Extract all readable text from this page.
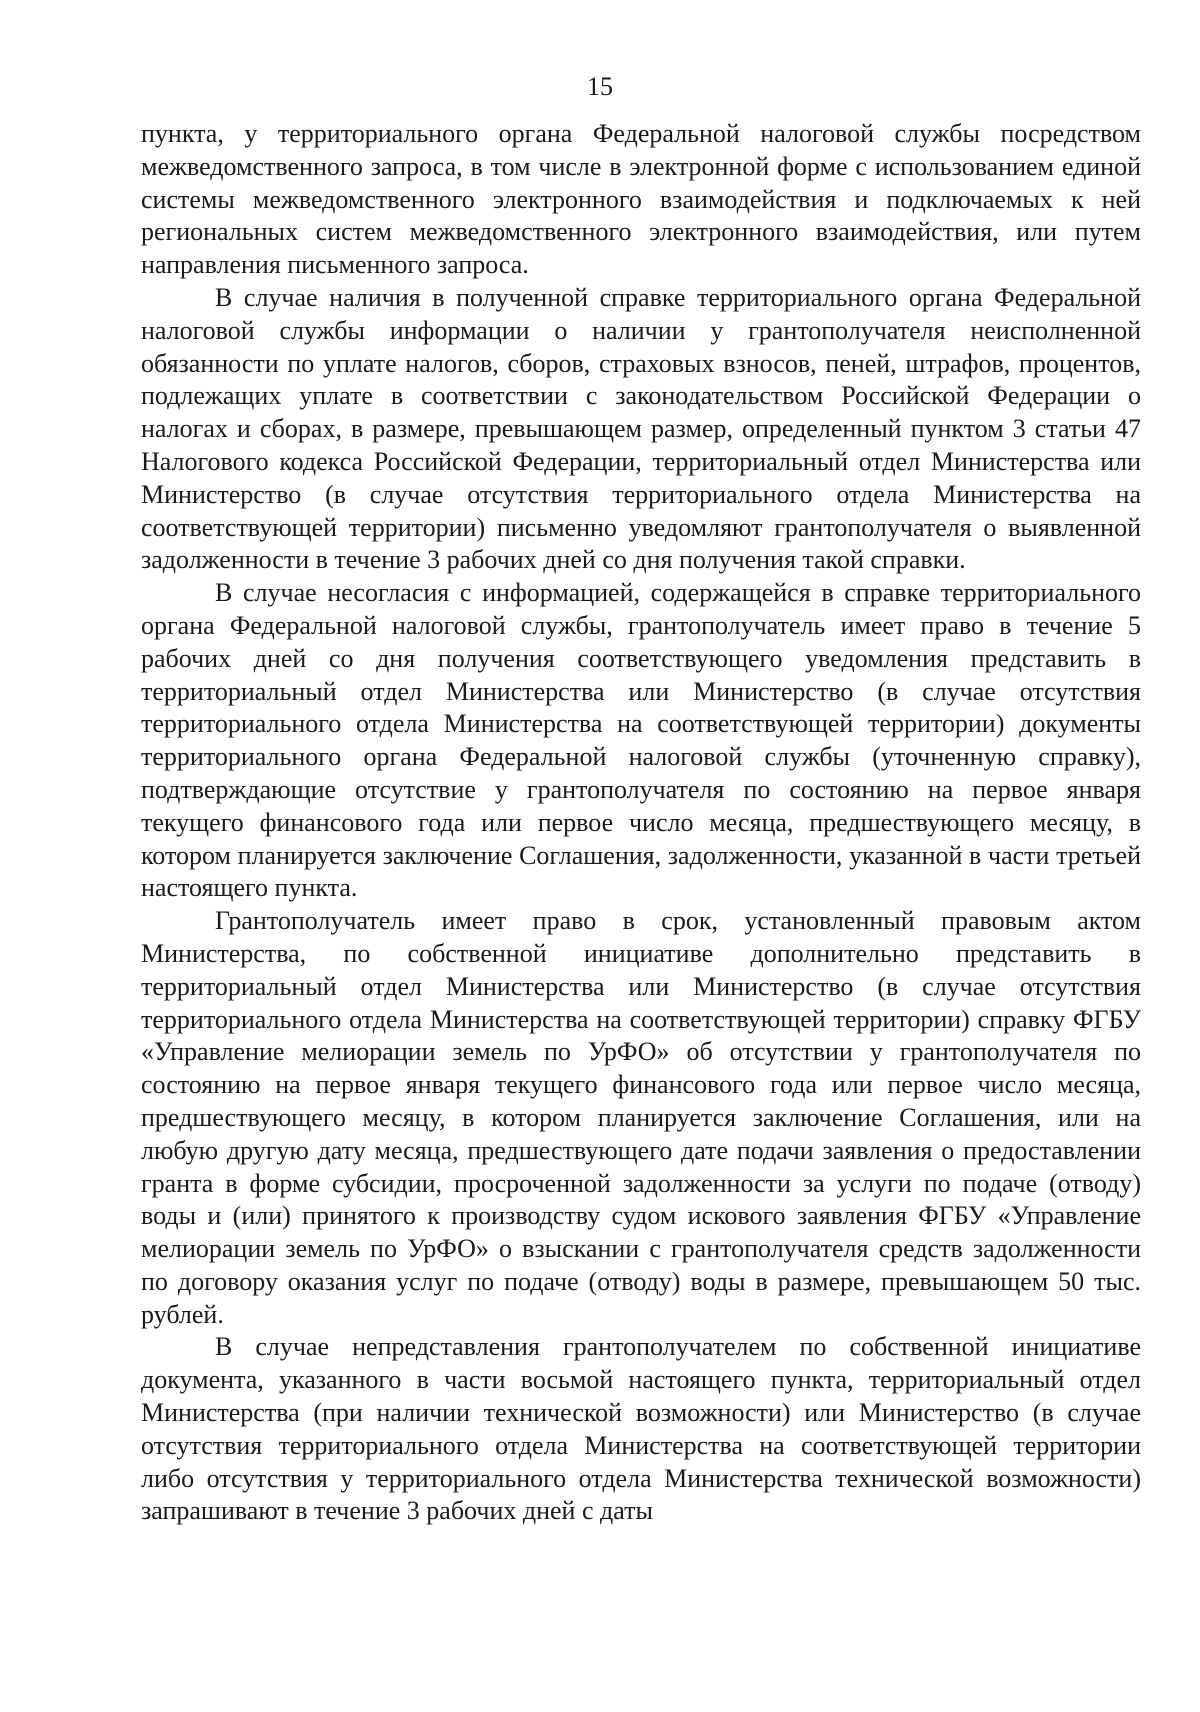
15

пункта, у территориального органа Федеральной налоговой службы посредством межведомственного запроса, в том числе в электронной форме с использованием единой системы межведомственного электронного взаимодействия и подключаемых к ней региональных систем межведомственного электронного взаимодействия, или путем направления письменного запроса.

В случае наличия в полученной справке территориального органа Федеральной налоговой службы информации о наличии у грантополучателя неисполненной обязанности по уплате налогов, сборов, страховых взносов, пеней, штрафов, процентов, подлежащих уплате в соответствии с законодательством Российской Федерации о налогах и сборах, в размере, превышающем размер, определенный пунктом 3 статьи 47 Налогового кодекса Российской Федерации, территориальный отдел Министерства или Министерство (в случае отсутствия территориального отдела Министерства на соответствующей территории) письменно уведомляют грантополучателя о выявленной задолженности в течение 3 рабочих дней со дня получения такой справки.

В случае несогласия с информацией, содержащейся в справке территориального органа Федеральной налоговой службы, грантополучатель имеет право в течение 5 рабочих дней со дня получения соответствующего уведомления представить в территориальный отдел Министерства или Министерство (в случае отсутствия территориального отдела Министерства на соответствующей территории) документы территориального органа Федеральной налоговой службы (уточненную справку), подтверждающие отсутствие у грантополучателя по состоянию на первое января текущего финансового года или первое число месяца, предшествующего месяцу, в котором планируется заключение Соглашения, задолженности, указанной в части третьей настоящего пункта.

Грантополучатель имеет право в срок, установленный правовым актом Министерства, по собственной инициативе дополнительно представить в территориальный отдел Министерства или Министерство (в случае отсутствия территориального отдела Министерства на соответствующей территории) справку ФГБУ «Управление мелиорации земель по УрФО» об отсутствии у грантополучателя по состоянию на первое января текущего финансового года или первое число месяца, предшествующего месяцу, в котором планируется заключение Соглашения, или на любую другую дату месяца, предшествующего дате подачи заявления о предоставлении гранта в форме субсидии, просроченной задолженности за услуги по подаче (отводу) воды и (или) принятого к производству судом искового заявления ФГБУ «Управление мелиорации земель по УрФО» о взыскании с грантополучателя средств задолженности по договору оказания услуг по подаче (отводу) воды в размере, превышающем 50 тыс. рублей.

В случае непредставления грантополучателем по собственной инициативе документа, указанного в части восьмой настоящего пункта, территориальный отдел Министерства (при наличии технической возможности) или Министерство (в случае отсутствия территориального отдела Министерства на соответствующей территории либо отсутствия у территориального отдела Министерства технической возможности) запрашивают в течение 3 рабочих дней с даты
